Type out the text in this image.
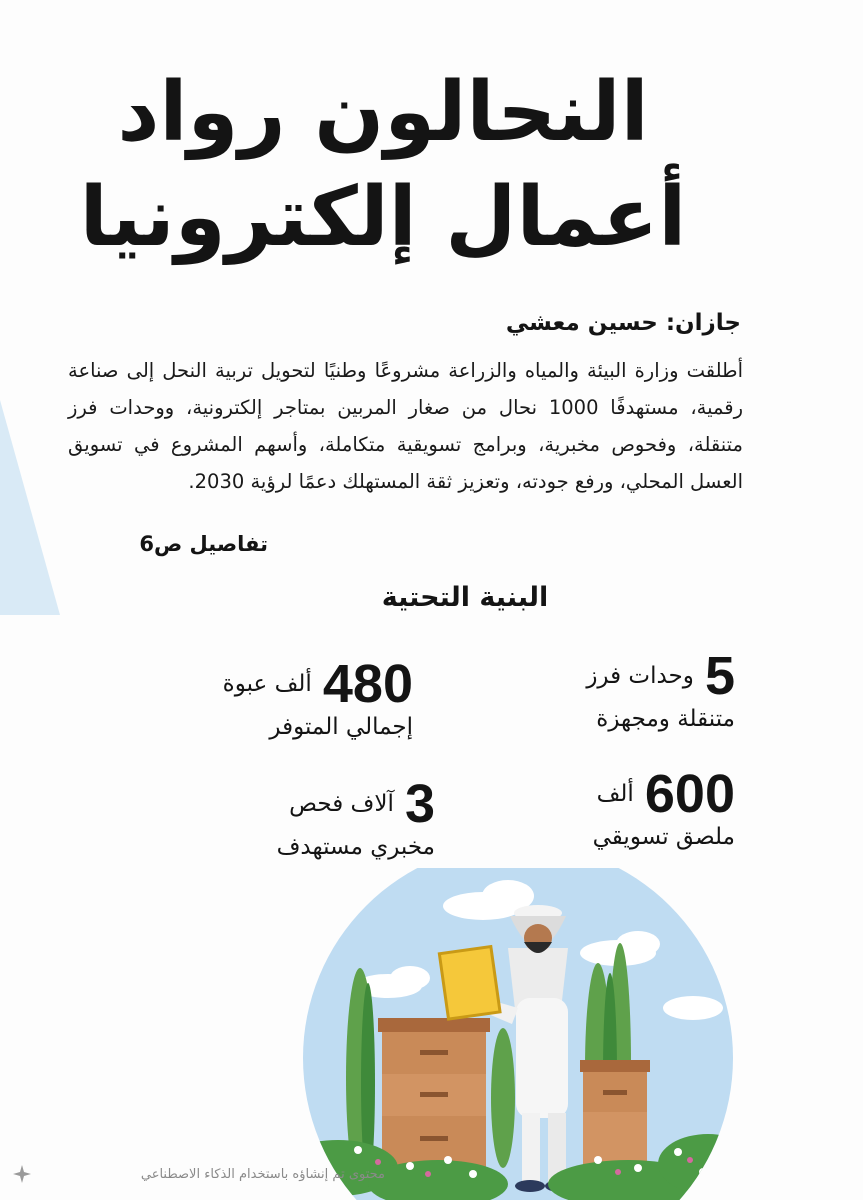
النحالون رواد
أعمال إلكترونيا
جازان: حسين معشي
أطلقت وزارة البيئة والمياه والزراعة مشروعًا وطنيًا لتحويل تربية النحل إلى صناعة رقمية، مستهدفًا 1000 نحال من صغار المربين بمتاجر إلكترونية، ووحدات فرز متنقلة، وفحوص مخبرية، وبرامج تسويقية متكاملة، وأسهم المشروع في تسويق العسل المحلي، ورفع جودته، وتعزيز ثقة المستهلك دعمًا لرؤية 2030.
تفاصيل ص6
البنية التحتية
5 وحدات فرز
متنقلة ومجهزة
480 ألف عبوة
إجمالي المتوفر
600 ألف
ملصق تسويقي
3 آلاف فحص
مخبري مستهدف
محتوى تم إنشاؤه باستخدام الذكاء الاصطناعي
